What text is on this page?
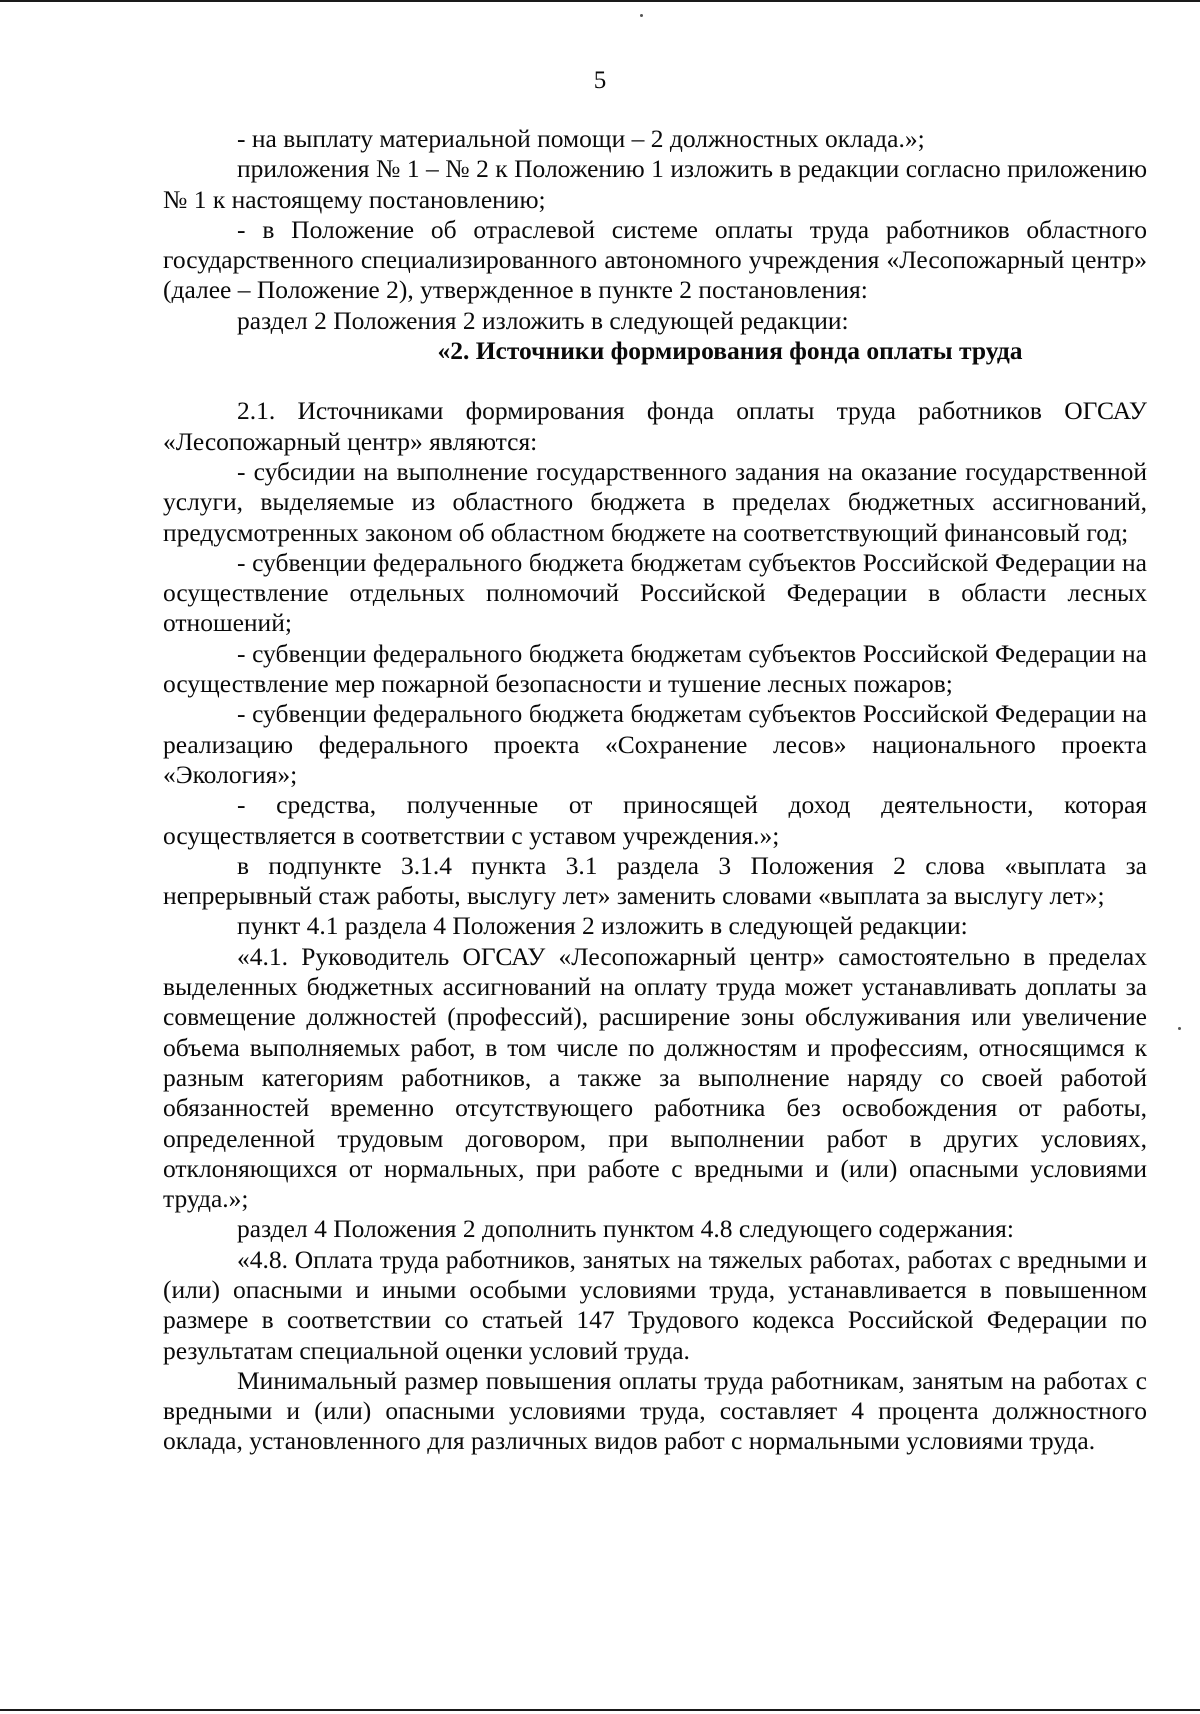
5

- на выплату материальной помощи – 2 должностных оклада.»;

приложения № 1 – № 2 к Положению 1 изложить в редакции согласно приложению № 1 к настоящему постановлению;

- в Положение об отраслевой системе оплаты труда работников областного государственного специализированного автономного учреждения «Лесопожарный центр» (далее – Положение 2), утвержденное в пункте 2 постановления:

раздел 2 Положения 2 изложить в следующей редакции:

«2. Источники формирования фонда оплаты труда

2.1. Источниками формирования фонда оплаты труда работников ОГСАУ «Лесопожарный центр» являются:

- субсидии на выполнение государственного задания на оказание государственной услуги, выделяемые из областного бюджета в пределах бюджетных ассигнований, предусмотренных законом об областном бюджете на соответствующий финансовый год;

- субвенции федерального бюджета бюджетам субъектов Российской Федерации на осуществление отдельных полномочий Российской Федерации в области лесных отношений;

- субвенции федерального бюджета бюджетам субъектов Российской Федерации на осуществление мер пожарной безопасности и тушение лесных пожаров;

- субвенции федерального бюджета бюджетам субъектов Российской Федерации на реализацию федерального проекта «Сохранение лесов» национального проекта «Экология»;

- средства, полученные от приносящей доход деятельности, которая осуществляется в соответствии с уставом учреждения.»;

в подпункте 3.1.4 пункта 3.1 раздела 3 Положения 2 слова «выплата за непрерывный стаж работы, выслугу лет» заменить словами «выплата за выслугу лет»;

пункт 4.1 раздела 4 Положения 2 изложить в следующей редакции:

«4.1. Руководитель ОГСАУ «Лесопожарный центр» самостоятельно в пределах выделенных бюджетных ассигнований на оплату труда может устанавливать доплаты за совмещение должностей (профессий), расширение зоны обслуживания или увеличение объема выполняемых работ, в том числе по должностям и профессиям, относящимся к разным категориям работников, а также за выполнение наряду со своей работой обязанностей временно отсутствующего работника без освобождения от работы, определенной трудовым договором, при выполнении работ в других условиях, отклоняющихся от нормальных, при работе с вредными и (или) опасными условиями труда.»;

раздел 4 Положения 2 дополнить пунктом 4.8 следующего содержания:

«4.8. Оплата труда работников, занятых на тяжелых работах, работах с вредными и (или) опасными и иными особыми условиями труда, устанавливается в повышенном размере в соответствии со статьей 147 Трудового кодекса Российской Федерации по результатам специальной оценки условий труда.

Минимальный размер повышения оплаты труда работникам, занятым на работах с вредными и (или) опасными условиями труда, составляет 4 процента должностного оклада, установленного для различных видов работ с нормальными условиями труда.
